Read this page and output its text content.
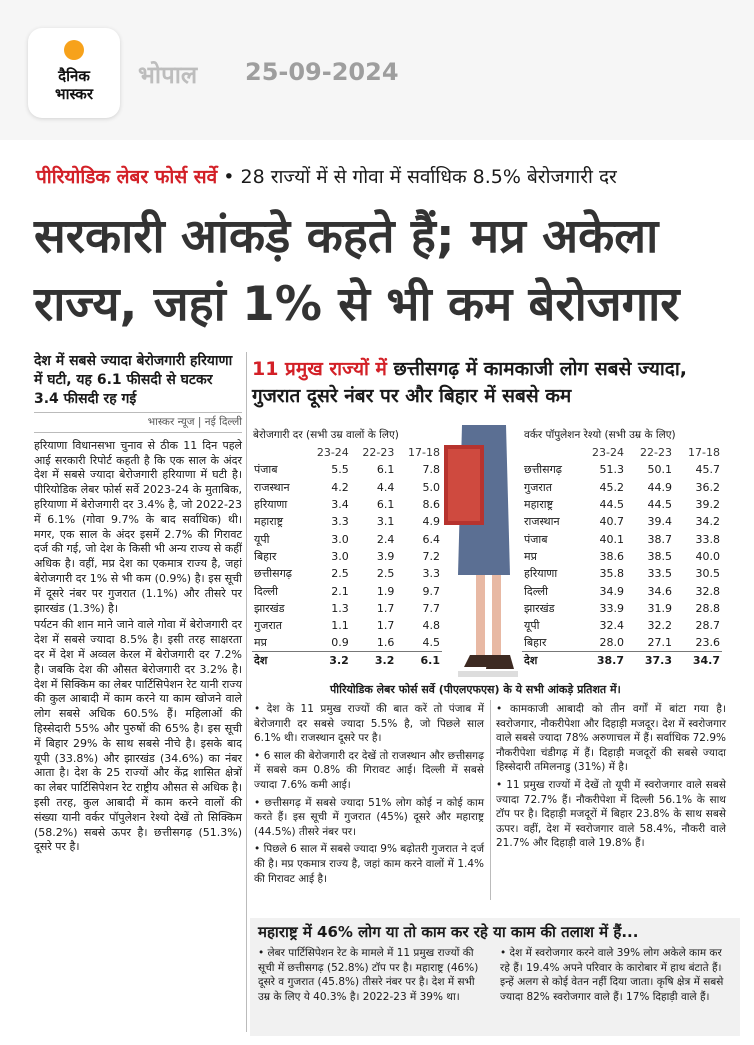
दैनिक
भास्कर
भोपाल 25-09-2024
पीरियोडिक लेबर फोर्स सर्वे • 28 राज्यों में से गोवा में सर्वाधिक 8.5% बेरोजगारी दर
सरकारी आंकड़े कहते हैं; मप्र अकेला
राज्य, जहां 1% से भी कम बेरोजगार
देश में सबसे ज्यादा बेरोजगारी हरियाणा में घटी, यह 6.1 फीसदी से घटकर 3.4 फीसदी रह गई
भास्कर न्यूज | नई दिल्ली

हरियाणा विधानसभा चुनाव से ठीक 11 दिन पहले आई सरकारी रिपोर्ट कहती है कि एक साल के अंदर देश में सबसे ज्यादा बेरोजगारी हरियाणा में घटी है। पीरियोडिक लेबर फोर्स सर्वे 2023-24 के मुताबिक, हरियाणा में बेरोजगारी दर 3.4% है, जो 2022-23 में 6.1% (गोवा 9.7% के बाद सर्वाधिक) थी। मगर, एक साल के अंदर इसमें 2.7% की गिरावट दर्ज की गई, जो देश के किसी भी अन्य राज्य से कहीं अधिक है। वहीं, मप्र देश का एकमात्र राज्य है, जहां बेरोजगारी दर 1% से भी कम (0.9%) है। इस सूची में दूसरे नंबर पर गुजरात (1.1%) और तीसरे पर झारखंड (1.3%) है।

पर्यटन की शान माने जाने वाले गोवा में बेरोजगारी दर देश में सबसे ज्यादा 8.5% है। इसी तरह साक्षरता दर में देश में अव्वल केरल में बेरोजगारी दर 7.2% है। जबकि देश की औसत बेरोजगारी दर 3.2% है। देश में सिक्किम का लेबर पार्टिसिपेशन रेट यानी राज्य की कुल आबादी में काम करने या काम खोजने वाले लोग सबसे अधिक 60.5% हैं। महिलाओं की हिस्सेदारी 55% और पुरुषों की 65% है। इस सूची में बिहार 29% के साथ सबसे नीचे है। इसके बाद यूपी (33.8%) और झारखंड (34.6%) का नंबर आता है। देश के 25 राज्यों और केंद्र शासित क्षेत्रों का लेबर पार्टिसिपेशन रेट राष्ट्रीय औसत से अधिक है। इसी तरह, कुल आबादी में काम करने वालों की संख्या यानी वर्कर पॉपुलेशन रेश्यो देखें तो सिक्किम (58.2%) सबसे ऊपर है। छत्तीसगढ़ (51.3%) दूसरे पर है।

11 प्रमुख राज्यों में छत्तीसगढ़ में कामकाजी लोग सबसे ज्यादा, गुजरात दूसरे नंबर पर और बिहार में सबसे कम
बेरोजगारी दर (सभी उम्र वालों के लिए)
	23-24	22-23	17-18
पंजाब	5.5	6.1	7.8
राजस्थान	4.2	4.4	5.0
हरियाणा	3.4	6.1	8.6
महाराष्ट्र	3.3	3.1	4.9
यूपी	3.0	2.4	6.4
बिहार	3.0	3.9	7.2
छत्तीसगढ़	2.5	2.5	3.3
दिल्ली	2.1	1.9	9.7
झारखंड	1.3	1.7	7.7
गुजरात	1.1	1.7	4.8
मप्र	0.9	1.6	4.5
देश	3.2	3.2	6.1
वर्कर पॉपुलेशन रेश्यो (सभी उम्र के लिए)
	23-24	22-23	17-18
छत्तीसगढ़	51.3	50.1	45.7
गुजरात	45.2	44.9	36.2
महाराष्ट्र	44.5	44.5	39.2
राजस्थान	40.7	39.4	34.2
पंजाब	40.1	38.7	33.8
मप्र	38.6	38.5	40.0
हरियाणा	35.8	33.5	30.5
दिल्ली	34.9	34.6	32.8
झारखंड	33.9	31.9	28.8
यूपी	32.4	32.2	28.7
बिहार	28.0	27.1	23.6
देश	38.7	37.3	34.7
पीरियोडिक लेबर फोर्स सर्वे (पीएलएफएस) के ये सभी आंकड़े प्रतिशत में।

• देश के 11 प्रमुख राज्यों की बात करें तो पंजाब में बेरोजगारी दर सबसे ज्यादा 5.5% है, जो पिछले साल 6.1% थी। राजस्थान दूसरे पर है।

• 6 साल की बेरोजगारी दर देखें तो राजस्थान और छत्तीसगढ़ में सबसे कम 0.8% की गिरावट आई। दिल्ली में सबसे ज्यादा 7.6% कमी आई।

• छत्तीसगढ़ में सबसे ज्यादा 51% लोग कोई न कोई काम करते हैं। इस सूची में गुजरात (45%) दूसरे और महाराष्ट्र (44.5%) तीसरे नंबर पर।

• पिछले 6 साल में सबसे ज्यादा 9% बढ़ोतरी गुजरात ने दर्ज की है। मप्र एकमात्र राज्य है, जहां काम करने वालों में 1.4% की गिरावट आई है।

• कामकाजी आबादी को तीन वर्गों में बांटा गया है। स्वरोजगार, नौकरीपेशा और दिहाड़ी मजदूर। देश में स्वरोजगार वाले सबसे ज्यादा 78% अरुणाचल में हैं। सर्वाधिक 72.9% नौकरीपेशा चंडीगढ़ में हैं। दिहाड़ी मजदूरों की सबसे ज्यादा हिस्सेदारी तमिलनाडु (31%) में है।

• 11 प्रमुख राज्यों में देखें तो यूपी में स्वरोजगार वाले सबसे ज्यादा 72.7% हैं। नौकरीपेशा में दिल्ली 56.1% के साथ टॉप पर है। दिहाड़ी मजदूरों में बिहार 23.8% के साथ सबसे ऊपर। वहीं, देश में स्वरोजगार वाले 58.4%, नौकरी वाले 21.7% और दिहाड़ी वाले 19.8% हैं।

महाराष्ट्र में 46% लोग या तो काम कर रहे या काम की तलाश में हैं...
• लेबर पार्टिसिपेशन रेट के मामले में 11 प्रमुख राज्यों की सूची में छत्तीसगढ़ (52.8%) टॉप पर है। महाराष्ट्र (46%) दूसरे व गुजरात (45.8%) तीसरे नंबर पर है। देश में सभी उम्र के लिए ये 40.3% है। 2022-23 में 39% था।
• देश में स्वरोजगार करने वाले 39% लोग अकेले काम कर रहे हैं। 19.4% अपने परिवार के कारोबार में हाथ बंटाते हैं। इन्हें अलग से कोई वेतन नहीं दिया जाता। कृषि क्षेत्र में सबसे ज्यादा 82% स्वरोजगार वाले हैं। 17% दिहाड़ी वाले हैं।
